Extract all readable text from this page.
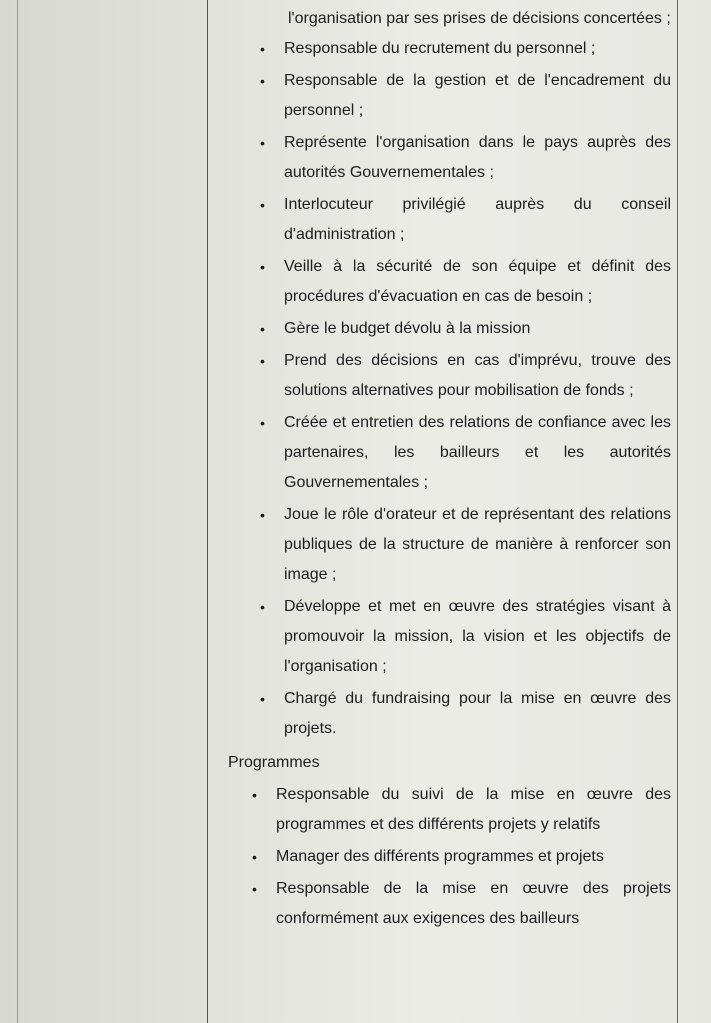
l'organisation par ses prises de décisions concertées ;
• Responsable du recrutement du personnel ;
• Responsable de la gestion et de l'encadrement du personnel ;
• Représente l'organisation dans le pays auprès des autorités Gouvernementales ;
• Interlocuteur privilégié auprès du conseil d'administration ;
• Veille à la sécurité de son équipe et définit des procédures d'évacuation en cas de besoin ;
• Gère le budget dévolu à la mission
• Prend des décisions en cas d'imprévu, trouve des solutions alternatives pour mobilisation de fonds ;
• Créée et entretien des relations de confiance avec les partenaires, les bailleurs et les autorités Gouvernementales ;
• Joue le rôle d'orateur et de représentant des relations publiques de la structure de manière à renforcer son image ;
• Développe et met en œuvre des stratégies visant à promouvoir la mission, la vision et les objectifs de l'organisation ;
• Chargé du fundraising pour la mise en œuvre des projets.
Programmes
• Responsable du suivi de la mise en œuvre des programmes et des différents projets y relatifs
• Manager des différents programmes et projets
• Responsable de la mise en œuvre des projets conformément aux exigences des bailleurs
